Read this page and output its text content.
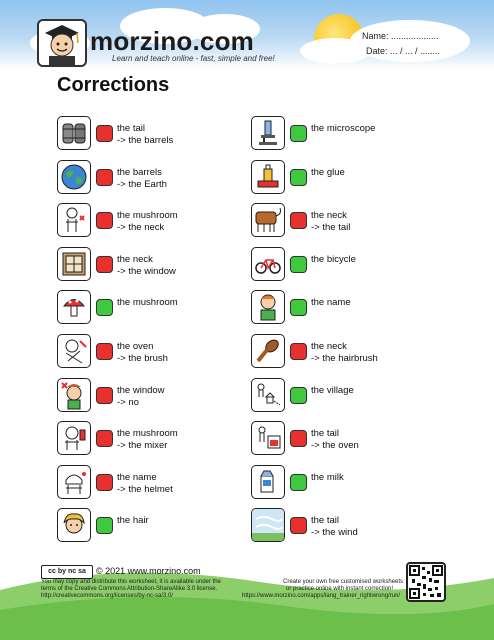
morzino.com
Learn and teach online - fast, simple and free!
Name: ...................
Date: ... / ... / ........
Corrections
the tail
-> the barrels
the barrels
-> the Earth
the mushroom
-> the neck
the neck
-> the window
the mushroom
the oven
-> the brush
the window
-> no
the mushroom
-> the mixer
the name
-> the helmet
the hair
the microscope
the glue
the neck
-> the tail
the bicycle
the name
the neck
-> the hairbrush
the village
the tail
-> the oven
the milk
the tail
-> the wind
cc by nc sa	© 2021 www.morzino.com
You may copy and distribute this worksheet, it is available under the
terms of the Creative Commons Attribution-ShareAlike 3.0 license.
http://creativecommons.org/licenses/by-nc-sa/3.0/
Create your own free customised worksheets
or practice online with instant correction!
https://www.morzino.com/apps/lang_trainer_rightwrong/run/
